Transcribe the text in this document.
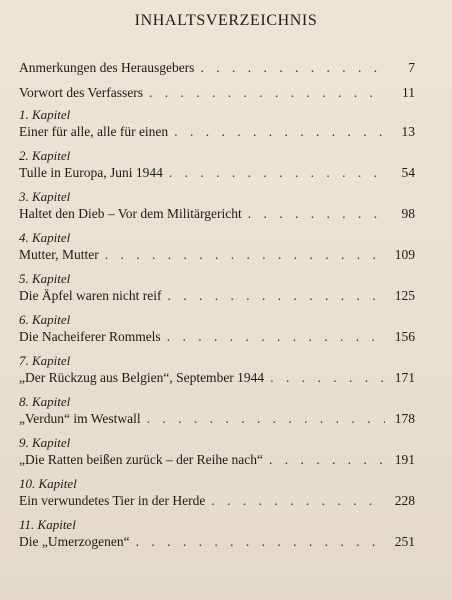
INHALTSVERZEICHNIS
Anmerkungen des Herausgebers . . .	7
Vorwort des Verfassers . . .	11
1. Kapitel
Einer für alle, alle für einen . . .	13
2. Kapitel
Tulle in Europa, Juni 1944 . . .	54
3. Kapitel
Haltet den Dieb – Vor dem Militärgericht . . .	98
4. Kapitel
Mutter, Mutter . . .	109
5. Kapitel
Die Äpfel waren nicht reif . . .	125
6. Kapitel
Die Nacheiferer Rommels . . .	156
7. Kapitel
„Der Rückzug aus Belgien“, September 1944 . . .	171
8. Kapitel
„Verdun“ im Westwall . . .	178
9. Kapitel
„Die Ratten beißen zurück – der Reihe nach“ . . .	191
10. Kapitel
Ein verwundetes Tier in der Herde . . .	228
11. Kapitel
Die „Umerzogenen“ . . .	251
